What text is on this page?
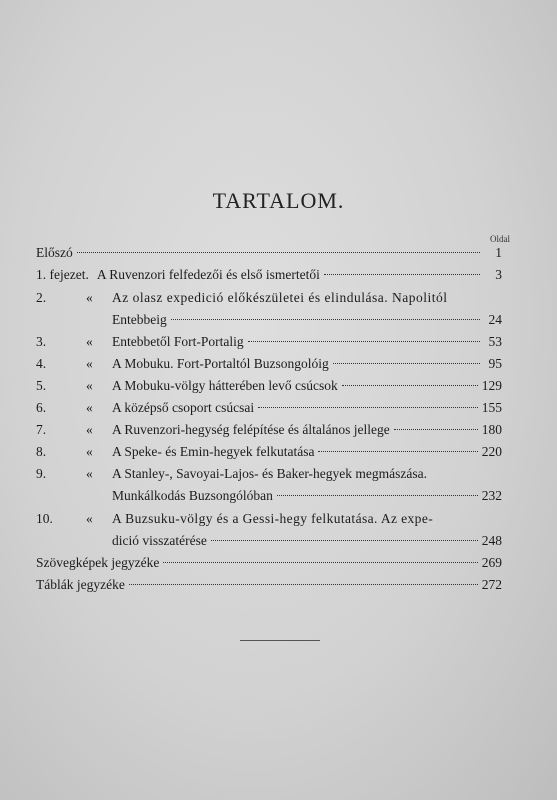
TARTALOM.
Oldal
Előszó	1
1. fejezet. A Ruvenzori felfedezői és első ismertetői	3
2.	«	Az olasz expedició előkészületei és elindulása. Napolitól
Entebbeig	24
3.	«	Entebbetől Fort-Portalig	53
4.	«	A Mobuku. Fort-Portaltól Buzsongolóig	95
5.	«	A Mobuku-völgy hátterében levő csúcsok	129
6.	«	A középső csoport csúcsai	155
7.	«	A Ruvenzori-hegység felépítése és általános jellege	180
8.	«	A Speke- és Emin-hegyek felkutatása	220
9.	«	A Stanley-, Savoyai-Lajos- és Baker-hegyek megmászása.
Munkálkodás Buzsongólóban	232
10.	«	A Buzsuku-völgy és a Gessi-hegy felkutatása. Az expe-
dició visszatérése	248
Szövegképek jegyzéke	269
Táblák jegyzéke	272
